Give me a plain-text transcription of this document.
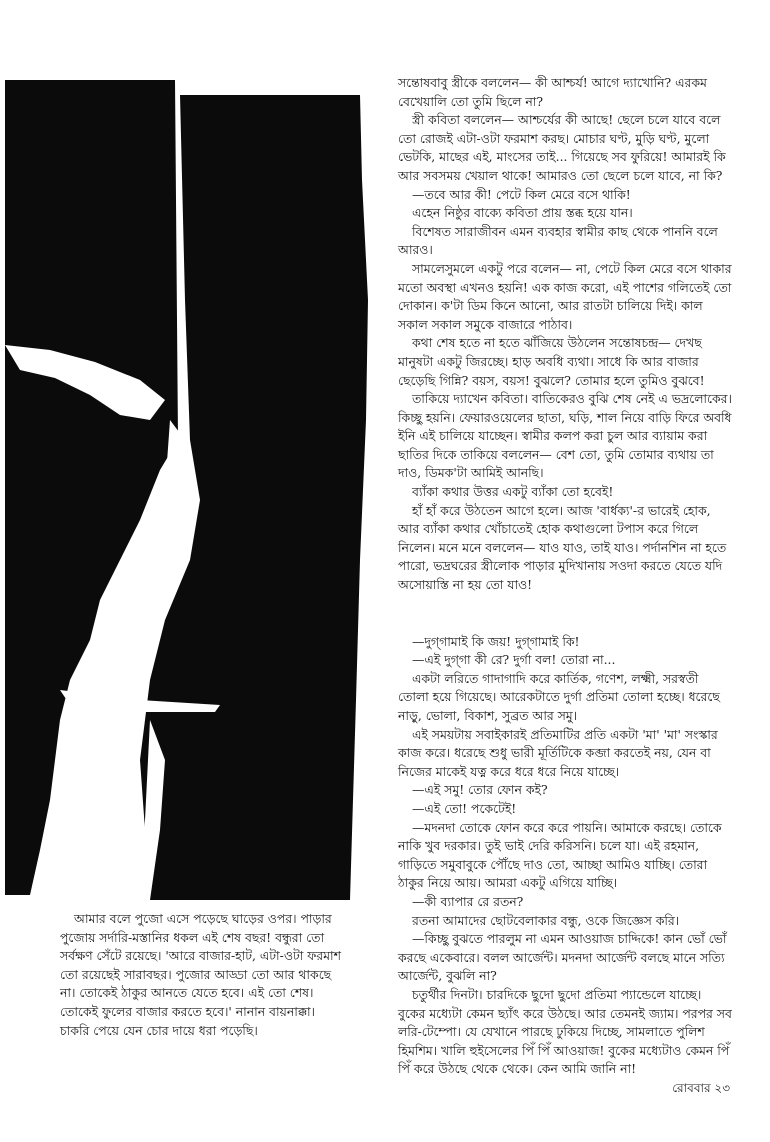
সন্তোষবাবু স্ত্রীকে বললেন— কী আশ্চর্য! আগে দ্যাখোনি? এরকম বেখেয়ালি তো তুমি ছিলে না?

স্ত্রী কবিতা বললেন— আশ্চর্যের কী আছে! ছেলে চলে যাবে বলে তো রোজই এটা-ওটা ফরমাশ করছ। মোচার ঘণ্ট, মুড়ি ঘণ্ট, মুলো ভেটকি, মাছের এই, মাংসের তাই... গিয়েছে সব ফুরিয়ে! আমারই কি আর সবসময় খেয়াল থাকে! আমারও তো ছেলে চলে যাবে, না কি?

—তবে আর কী! পেটে কিল মেরে বসে থাকি!

এহেন নিষ্ঠুর বাক্যে কবিতা প্রায় স্তব্ধ হয়ে যান।

বিশেষত সারাজীবন এমন ব্যবহার স্বামীর কাছ থেকে পাননি বলে আরও।

সামলেসুমলে একটু পরে বলেন— না, পেটে কিল মেরে বসে থাকার মতো অবস্থা এখনও হয়নি! এক কাজ করো, এই পাশের গলিতেই তো দোকান। ক'টা ডিম কিনে আনো, আর রাতটা চালিয়ে দিই। কাল সকাল সকাল সমুকে বাজারে পাঠাব।

কথা শেষ হতে না হতে ঝাঁজিয়ে উঠলেন সন্তোষচন্দ্র— দেখছ মানুষটা একটু জিরচ্ছে। হাড় অবধি ব্যথা। সাধে কি আর বাজার ছেড়েছি গিন্নি? বয়স, বয়স! বুঝলে? তোমার হলে তুমিও বুঝবে!

তাকিয়ে দ্যাখেন কবিতা। বাতিকেরও বুঝি শেষ নেই এ ভদ্রলোকের। কিচ্ছু হয়নি। ফেয়ারওয়েলের ছাতা, ঘড়ি, শাল নিয়ে বাড়ি ফিরে অবধি ইনি এই চালিয়ে যাচ্ছেন। স্বামীর কলপ করা চুল আর ব্যায়াম করা ছাতির দিকে তাকিয়ে বললেন— বেশ তো, তুমি তোমার ব্যথায় তা দাও, ডিমক'টা আমিই আনছি।

ব্যাঁকা কথার উত্তর একটু ব্যাঁকা তো হবেই!

হাঁ হাঁ করে উঠতেন আগে হলে। আজ 'বার্ধক্য'-র ভারেই হোক, আর ব্যাঁকা কথার খোঁচাতেই হোক কথাগুলো টপাস করে গিলে নিলেন। মনে মনে বললেন— যাও যাও, তাই যাও। পর্দানশিন না হতে পারো, ভদ্রঘরের স্ত্রীলোক পাড়ার মুদিখানায় সওদা করতে যেতে যদি অসোয়াস্তি না হয় তো যাও!

—দুগ্‌গামাই কি জয়! দুগ্‌গামাই কি!

—এই দুগ্‌গা কী রে? দুর্গা বল! তোরা না...

একটা লরিতে গাদাগাদি করে কার্তিক, গণেশ, লক্ষ্মী, সরস্বতী তোলা হয়ে গিয়েছে। আরেকটাতে দুর্গা প্রতিমা তোলা হচ্ছে। ধরেছে নাড়ু, ভোলা, বিকাশ, সুব্রত আর সমু।

এই সময়টায় সবাইকারই প্রতিমাটির প্রতি একটা 'মা' 'মা' সংস্কার কাজ করে। ধরেছে শুধু ভারী মূর্তিটিকে কব্জা করতেই নয়, যেন বা নিজের মাকেই যত্ন করে ধরে ধরে নিয়ে যাচ্ছে।

—এই সমু! তোর ফোন কই?

—এই তো! পকেটেই!

—মদনদা তোকে ফোন করে করে পায়নি। আমাকে করছে। তোকে নাকি খুব দরকার। তুই ভাই দেরি করিসনি। চলে যা। এই রহমান, গাড়িতে সমুবাবুকে পৌঁছে দাও তো, আচ্ছা আমিও যাচ্ছি। তোরা ঠাকুর নিয়ে আয়। আমরা একটু এগিয়ে যাচ্ছি।

—কী ব্যাপার রে রতন?

রতনা আমাদের ছোটবেলাকার বন্ধু, ওকে জিজ্ঞেস করি।

—কিচ্ছু বুঝতে পারলুম না এমন আওয়াজ চাদ্দিকে! কান ভোঁ ভোঁ করছে একেবারে। বলল আর্জেন্ট। মদনদা আর্জেন্ট বলছে মানে সত্যি আর্জেন্ট, বুঝলি না?

চতুর্থীর দিনটা। চারদিকে ছুদো ছুদো প্রতিমা প্যান্ডেলে যাচ্ছে। বুকের মধ্যেটা কেমন ছ্যাঁৎ করে উঠছে। আর তেমনই জ্যাম। পরপর সব লরি-টেম্পো। যে যেখানে পারছে ঢুকিয়ে দিচ্ছে, সামলাতে পুলিশ হিমশিম। খালি হুইসেলের পিঁ পিঁ আওয়াজ! বুকের মধ্যেটাও কেমন পিঁ পিঁ করে উঠছে থেকে থেকে। কেন আমি জানি না!

আমার বলে পুজো এসে পড়েছে ঘাড়ের ওপর। পাড়ার পুজোয় সর্দারি-মস্তানির ধকল এই শেষ বছর! বন্ধুরা তো সর্বক্ষণ সেঁটে রয়েছে। 'আরে বাজার-হাট, এটা-ওটা ফরমাশ তো রয়েছেই সারাবছর। পুজোর আড্ডা তো আর থাকছে না। তোকেই ঠাকুর আনতে যেতে হবে। এই তো শেষ। তোকেই ফুলের বাজার করতে হবে।' নানান বায়নাক্কা। চাকরি পেয়ে যেন চোর দায়ে ধরা পড়েছি।

রোববার ২৩
